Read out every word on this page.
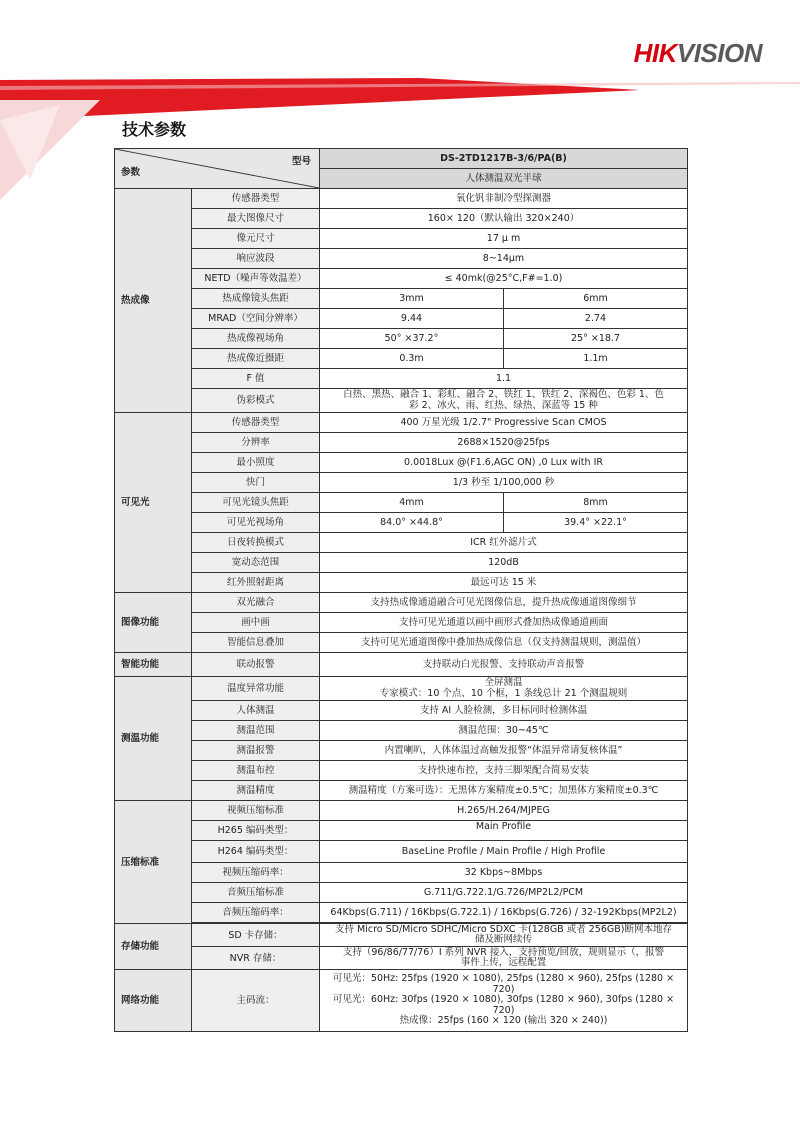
HIKVISION
技术参数
型号
参数		DS-2TD1217B-3/6/PA(B)	
		人体测温双光半球	
热成像	传感器类型	氧化钒非制冷型探测器	
	最大图像尺寸	160× 120（默认输出 320×240）	
	像元尺寸	17 μ m	
	响应波段	8~14μm	
	NETD（噪声等效温差）	≤ 40mk(@25°C,F#=1.0)	
	热成像镜头焦距	3mm	6mm
	MRAD（空间分辨率）	9.44	2.74
	热成像视场角	50° ×37.2°	25° ×18.7
	热成像近摄距	0.3m	1.1m
	F 值	1.1	
	伪彩模式	白热、黑热、融合 1、彩虹、融合 2、铁红 1、铁红 2、深褐色、色彩 1、色
彩 2、冰火、雨、红热、绿热、深蓝等 15 种	

可见光	传感器类型	400 万星光级 1/2.7" Progressive Scan CMOS	
	分辨率	2688×1520@25fps	
	最小照度	0.0018Lux @(F1.6,AGC ON) ,0 Lux with IR	
	快门	1/3 秒至 1/100,000 秒	
	可见光镜头焦距	4mm	8mm
	可见光视场角	84.0° ×44.8°	39.4° ×22.1°
	日夜转换模式	ICR 红外滤片式	
	宽动态范围	120dB	
	红外照射距离	最远可达 15 米	
图像功能	双光融合	支持热成像通道融合可见光图像信息，提升热成像通道图像细节	
	画中画	支持可见光通道以画中画形式叠加热成像通道画面	
	智能信息叠加	支持可见光通道图像中叠加热成像信息（仅支持测温规则，测温值）	
智能功能	联动报警	支持联动白光报警、支持联动声音报警	
测温功能	温度异常功能	全屏测温
专家模式：10 个点、10 个框，1 条线总计 21 个测温规则	

	人体测温	支持 AI 人脸检测，多目标同时检测体温	
	测温范围	测温范围：30~45℃	
	测温报警	内置喇叭，人体体温过高触发报警“体温异常请复核体温”	
	测温布控	支持快速布控，支持三脚架配合简易安装	
	测温精度	测温精度（方案可选）：无黑体方案精度±0.5℃；加黑体方案精度±0.3℃	
压缩标准	视频压缩标准	H.265/H.264/MJPEG	
	H265 编码类型：	Main Profile	
	H264 编码类型：	BaseLine Profile / Main Profile / High Profile	
	视频压缩码率：	32 Kbps~8Mbps	
	音频压缩标准	G.711/G.722.1/G.726/MP2L2/PCM	
	音频压缩码率：	64Kbps(G.711) / 16Kbps(G.722.1) / 16Kbps(G.726) / 32-192Kbps(MP2L2)	

存储功能	SD 卡存储：	支持 Micro SD/Micro SDHC/Micro SDXC 卡(128GB 或者 256GB)断网本地存
储及断网续传	

	NVR 存储：	支持（96/86/77/76）I 系列 NVR 接入，支持预览/回放，规则显示（，报警
事件上传，远程配置	

网络功能	主码流：	可见光：50Hz: 25fps (1920 × 1080), 25fps (1280 × 960), 25fps (1280 × 720)
可见光：60Hz: 30fps (1920 × 1080), 30fps (1280 × 960), 30fps (1280 × 720)
热成像：25fps (160 × 120 (输出 320 × 240))	
